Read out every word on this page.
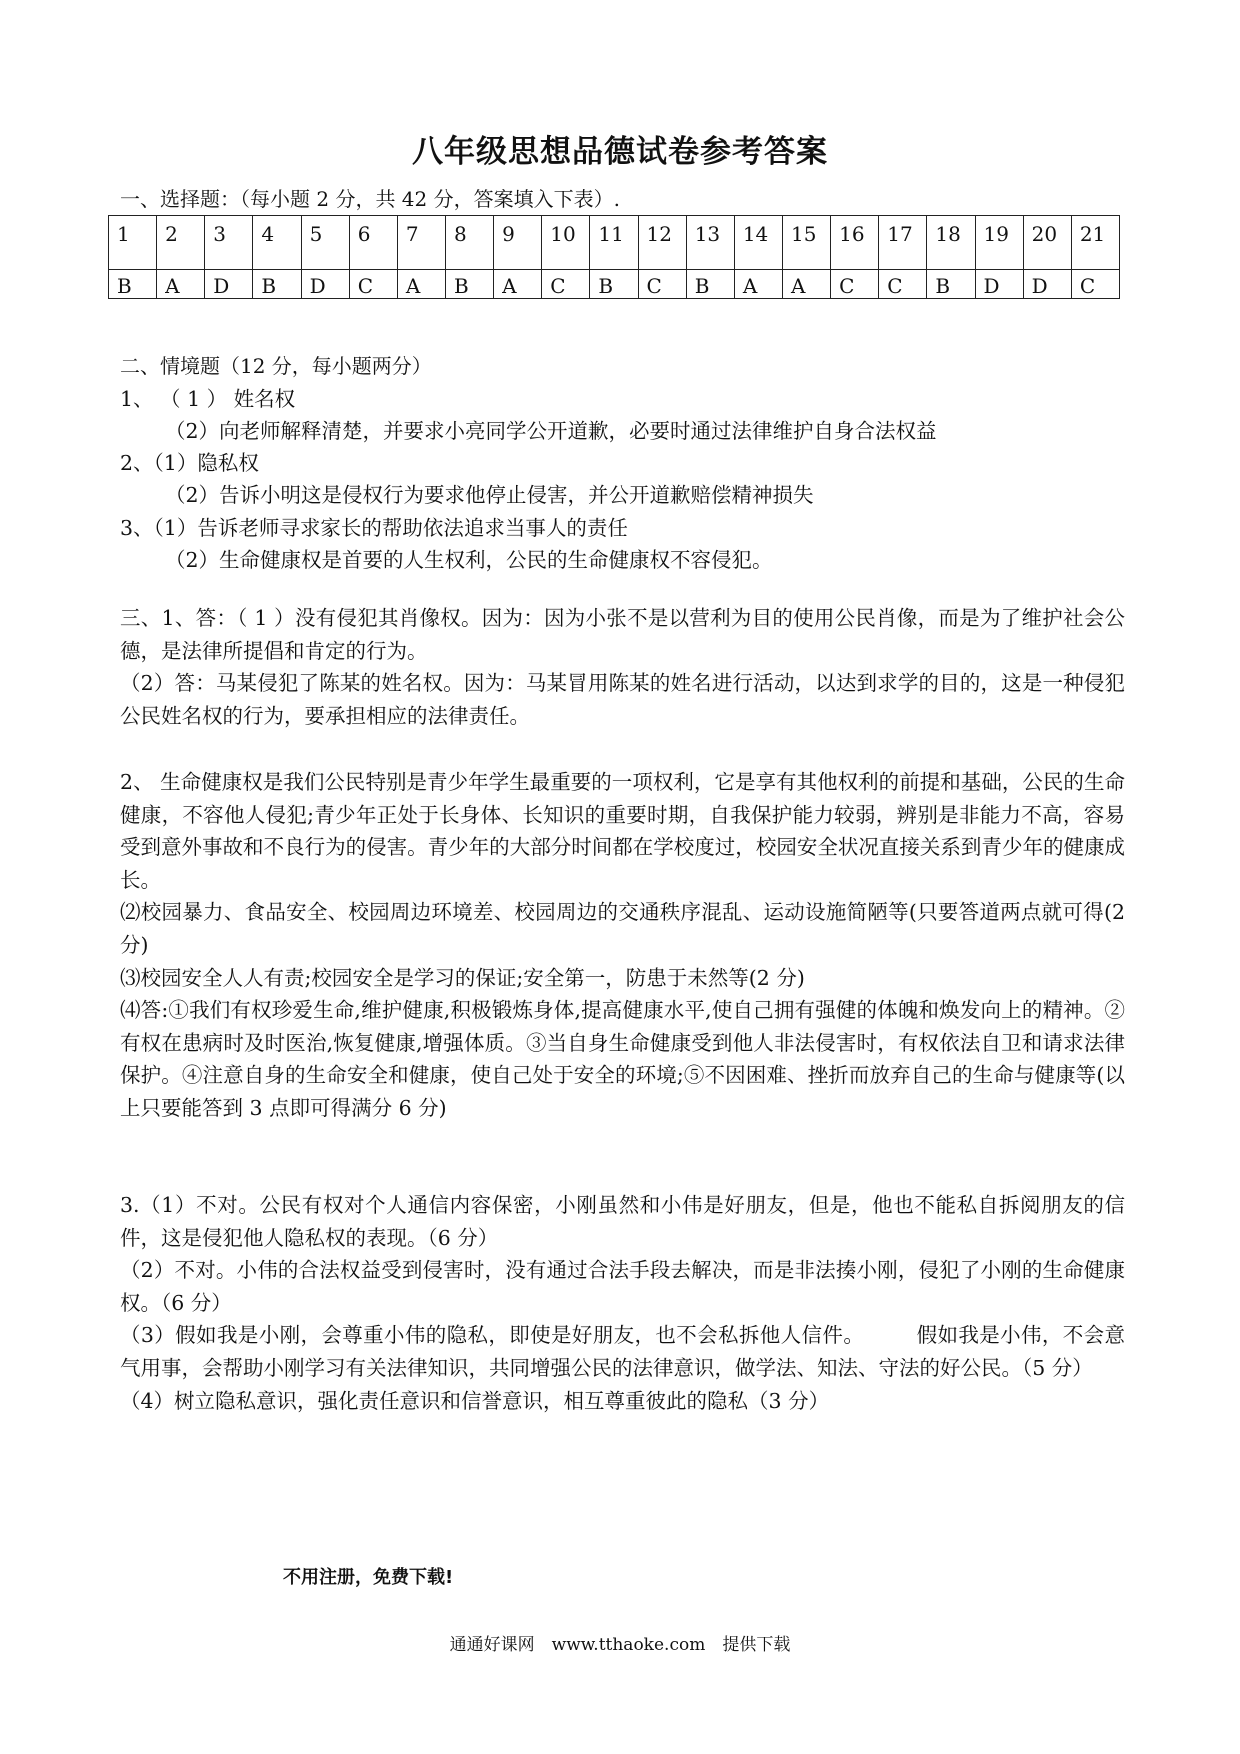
八年级思想品德试卷参考答案
一、选择题：（每小题 2 分，共 42 分，答案填入下表）.
1	2	3	4	5	6	7	8	9	10	11	12	13	14	15	16	17	18	19	20	21
B	A	D	B	D	C	A	B	A	C	B	C	B	A	A	C	C	B	D	D	C
二、情境题（12 分，每小题两分）
1、 （ 1 ） 姓名权
（2）向老师解释清楚，并要求小亮同学公开道歉，必要时通过法律维护自身合法权益
2、（1）隐私权
（2）告诉小明这是侵权行为要求他停止侵害，并公开道歉赔偿精神损失
3、（1）告诉老师寻求家长的帮助依法追求当事人的责任
（2）生命健康权是首要的人生权利，公民的生命健康权不容侵犯。

三、1、答：（ 1 ）没有侵犯其肖像权。因为：因为小张不是以营利为目的使用公民肖像，而是为了维护社会公德，是法律所提倡和肯定的行为。

（2）答：马某侵犯了陈某的姓名权。因为：马某冒用陈某的姓名进行活动，以达到求学的目的，这是一种侵犯公民姓名权的行为，要承担相应的法律责任。

2、 生命健康权是我们公民特别是青少年学生最重要的一项权利，它是享有其他权利的前提和基础，公民的生命健康，不容他人侵犯;青少年正处于长身体、长知识的重要时期，自我保护能力较弱，辨别是非能力不高，容易受到意外事故和不良行为的侵害。青少年的大部分时间都在学校度过，校园安全状况直接关系到青少年的健康成长。

⑵校园暴力、食品安全、校园周边环境差、校园周边的交通秩序混乱、运动设施简陋等(只要答道两点就可得(2 分)

⑶校园安全人人有责;校园安全是学习的保证;安全第一，防患于未然等(2 分)

⑷答:①我们有权珍爱生命,维护健康,积极锻炼身体,提高健康水平,使自己拥有强健的体魄和焕发向上的精神。②有权在患病时及时医治,恢复健康,增强体质。③当自身生命健康受到他人非法侵害时，有权依法自卫和请求法律保护。④注意自身的生命安全和健康，使自己处于安全的环境;⑤不因困难、挫折而放弃自己的生命与健康等(以上只要能答到 3 点即可得满分 6 分)

3.（1）不对。公民有权对个人通信内容保密，小刚虽然和小伟是好朋友，但是，他也不能私自拆阅朋友的信件，这是侵犯他人隐私权的表现。（6 分）

（2）不对。小伟的合法权益受到侵害时，没有通过合法手段去解决，而是非法揍小刚，侵犯了小刚的生命健康权。（6 分）

（3）假如我是小刚，会尊重小伟的隐私，即使是好朋友，也不会私拆他人信件。　　　假如我是小伟，不会意气用事，会帮助小刚学习有关法律知识，共同增强公民的法律意识，做学法、知法、守法的好公民。（5 分）

（4）树立隐私意识，强化责任意识和信誉意识，相互尊重彼此的隐私（3 分）

不用注册，免费下载!
通通好课网　www.tthaoke.com　提供下载
